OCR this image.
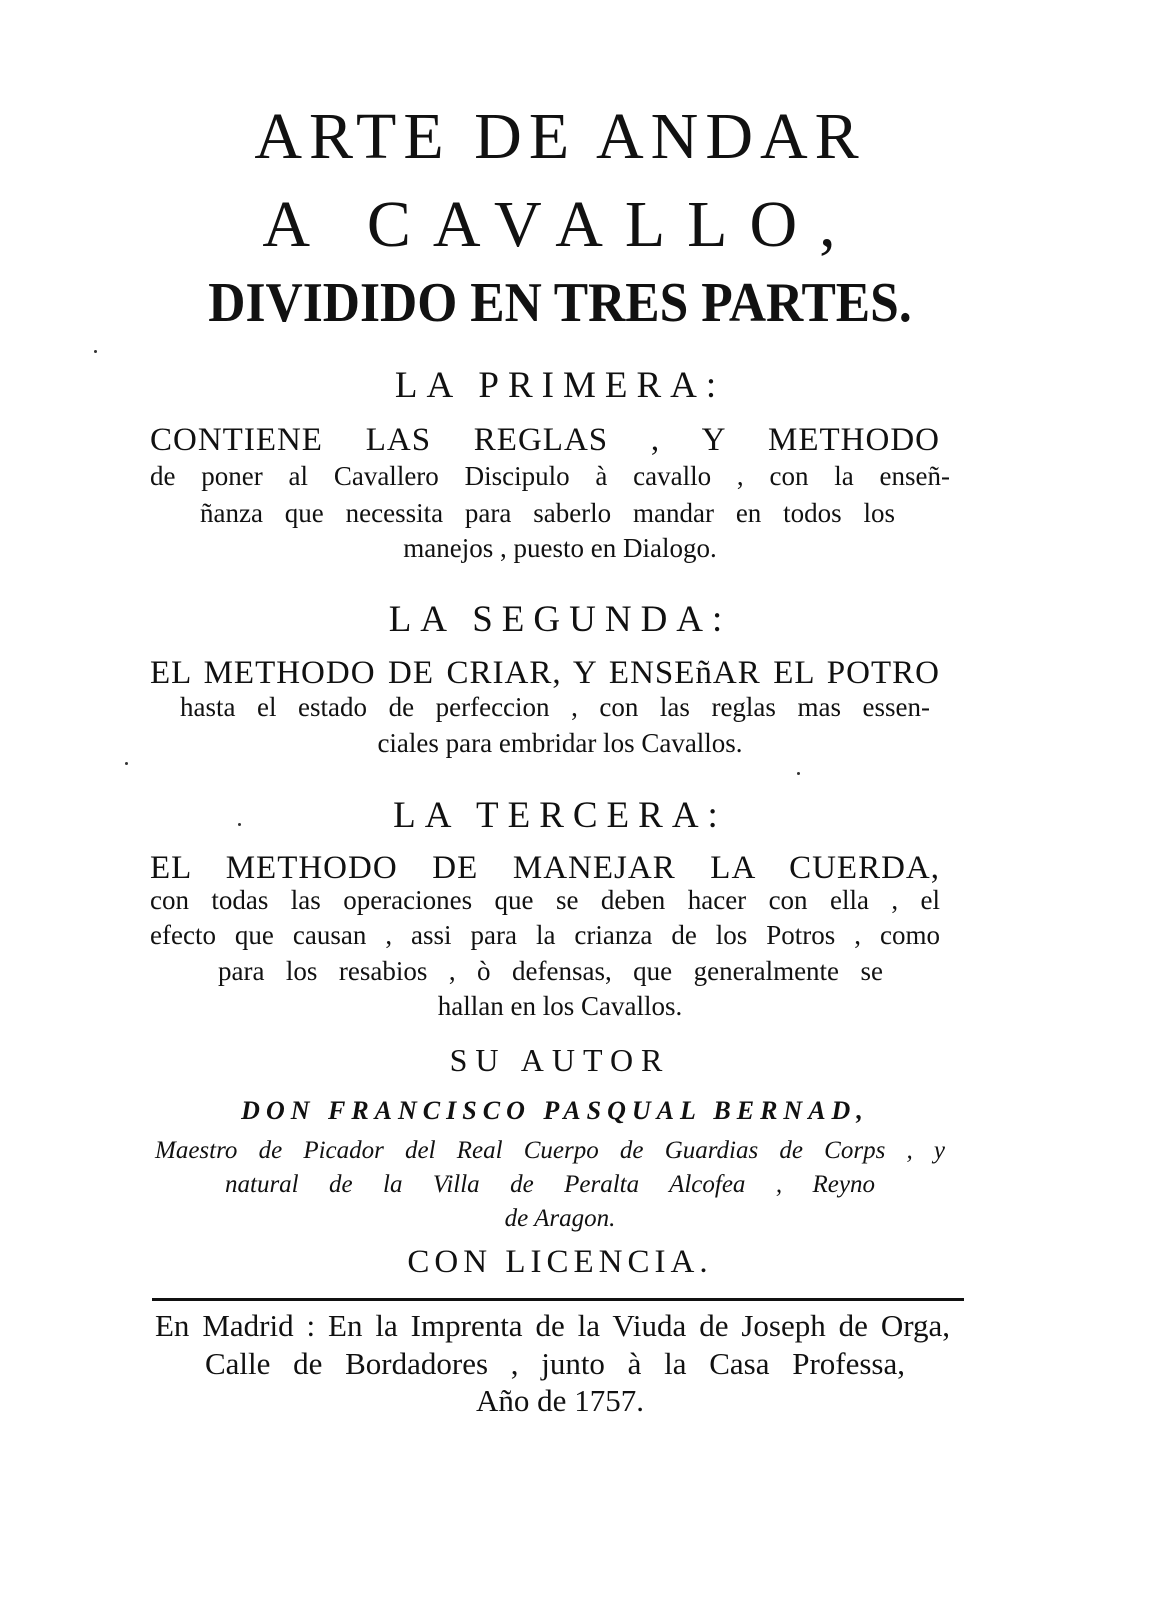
ARTE DE ANDAR
A CAVALLO,
DIVIDIDO EN TRES PARTES.
LA PRIMERA:
CONTIENE LAS REGLAS , Y METHODO
de poner al Cavallero Discipulo à cavallo , con la enseñ-
ñanza que necessita para saberlo mandar en todos los
manejos , puesto en Dialogo.
LA SEGUNDA:
EL METHODO DE CRIAR, Y ENSEñAR EL POTRO
hasta el estado de perfeccion , con las reglas mas essen-
ciales para embridar los Cavallos.
LA TERCERA:
EL METHODO DE MANEJAR LA CUERDA,
con todas las operaciones que se deben hacer con ella , el
efecto que causan , assi para la crianza de los Potros , como
para los resabios , ò defensas, que generalmente se
hallan en los Cavallos.
SU AUTOR
DON FRANCISCO PASQUAL BERNAD,
Maestro de Picador del Real Cuerpo de Guardias de Corps , y
natural de la Villa de Peralta Alcofea , Reyno
de Aragon.
CON LICENCIA.
En Madrid : En la Imprenta de la Viuda de Joseph de Orga,
Calle de Bordadores , junto à la Casa Professa,
Año de 1757.
